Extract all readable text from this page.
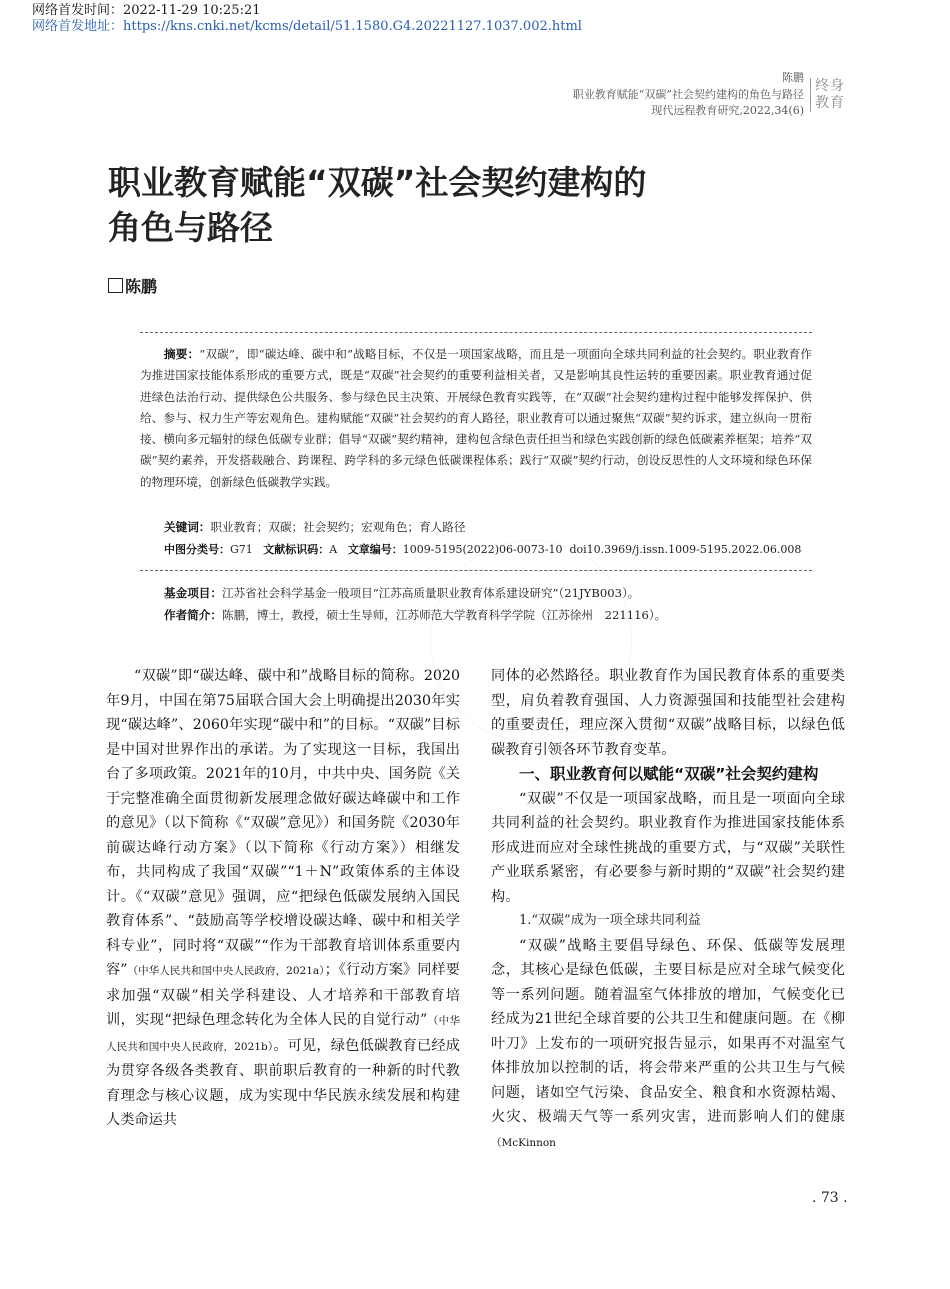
网络首发时间：2022-11-29 10:25:21
网络首发地址：https://kns.cnki.net/kcms/detail/51.1580.G4.20221127.1037.002.html
陈鹏
职业教育赋能“双碳”社会契约建构的角色与路径
现代远程教育研究,2022,34(6)
终身
教育
职业教育赋能“双碳”社会契约建构的
角色与路径
陈鹏

摘要：“双碳”，即“碳达峰、碳中和”战略目标，不仅是一项国家战略，而且是一项面向全球共同利益的社会契约。职业教育作为推进国家技能体系形成的重要方式，既是“双碳”社会契约的重要利益相关者，又是影响其良性运转的重要因素。职业教育通过促进绿色法治行动、提供绿色公共服务、参与绿色民主决策、开展绿色教育实践等，在“双碳”社会契约建构过程中能够发挥保护、供给、参与、权力生产等宏观角色。建构赋能“双碳”社会契约的育人路径，职业教育可以通过聚焦“双碳”契约诉求，建立纵向一贯衔接、横向多元辐射的绿色低碳专业群；倡导“双碳”契约精神，建构包含绿色责任担当和绿色实践创新的绿色低碳素养框架；培养“双碳”契约素养，开发搭载融合、跨课程、跨学科的多元绿色低碳课程体系；践行“双碳”契约行动，创设反思性的人文环境和绿色环保的物理环境，创新绿色低碳教学实践。

关键词：职业教育；双碳；社会契约；宏观角色；育人路径
中图分类号：G71 文献标识码：A 文章编号：1009-5195(2022)06-0073-10 doi10.3969/j.issn.1009-5195.2022.06.008
基金项目：江苏省社会科学基金一般项目“江苏高质量职业教育体系建设研究”（21JYB003）。
作者简介：陈鹏，博士，教授，硕士生导师，江苏师范大学教育科学学院（江苏徐州　221116）。

“双碳”即“碳达峰、碳中和”战略目标的简称。2020年9月，中国在第75届联合国大会上明确提出2030年实现“碳达峰”、2060年实现“碳中和”的目标。“双碳”目标是中国对世界作出的承诺。为了实现这一目标，我国出台了多项政策。2021年的10月，中共中央、国务院《关于完整准确全面贯彻新发展理念做好碳达峰碳中和工作的意见》（以下简称《“双碳”意见》）和国务院《2030年前碳达峰行动方案》（以下简称《行动方案》）相继发布，共同构成了我国“双碳”“1＋N”政策体系的主体设计。《“双碳”意见》强调，应“把绿色低碳发展纳入国民教育体系”、“鼓励高等学校增设碳达峰、碳中和相关学科专业”，同时将“双碳”“作为干部教育培训体系重要内容”（中华人民共和国中央人民政府，2021a）；《行动方案》同样要求加强“双碳”相关学科建设、人才培养和干部教育培训，实现“把绿色理念转化为全体人民的自觉行动”（中华人民共和国中央人民政府，2021b）。可见，绿色低碳教育已经成为贯穿各级各类教育、职前职后教育的一种新的时代教育理念与核心议题，成为实现中华民族永续发展和构建人类命运共

同体的必然路径。职业教育作为国民教育体系的重要类型，肩负着教育强国、人力资源强国和技能型社会建构的重要责任，理应深入贯彻“双碳”战略目标，以绿色低碳教育引领各环节教育变革。

一、职业教育何以赋能“双碳”社会契约建构

“双碳”不仅是一项国家战略，而且是一项面向全球共同利益的社会契约。职业教育作为推进国家技能体系形成进而应对全球性挑战的重要方式，与“双碳”关联性产业联系紧密，有必要参与新时期的“双碳”社会契约建构。

1.“双碳”成为一项全球共同利益

“双碳”战略主要倡导绿色、环保、低碳等发展理念，其核心是绿色低碳，主要目标是应对全球气候变化等一系列问题。随着温室气体排放的增加，气候变化已经成为21世纪全球首要的公共卫生和健康问题。在《柳叶刀》上发布的一项研究报告显示，如果再不对温室气体排放加以控制的话，将会带来严重的公共卫生与气候问题，诸如空气污染、食品安全、粮食和水资源枯竭、火灾、极端天气等一系列灾害，进而影响人们的健康（McKinnon

. 73 .
